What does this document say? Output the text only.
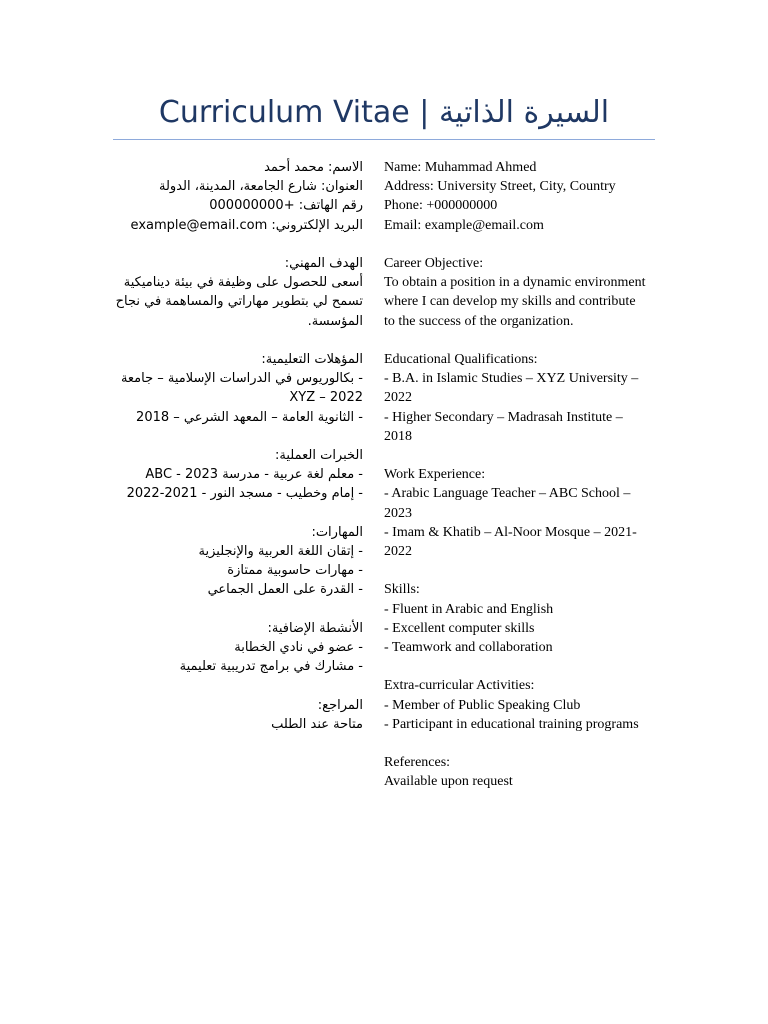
Curriculum Vitae | السيرة الذاتية
الاسم: محمد أحمد
العنوان: شارع الجامعة، المدينة، الدولة
رقم الهاتف: +000000000
البريد الإلكتروني: example@email.com
الهدف المهني:
أسعى للحصول على وظيفة في بيئة ديناميكية تسمح لي بتطوير مهاراتي والمساهمة في نجاح المؤسسة.
المؤهلات التعليمية:
- بكالوريوس في الدراسات الإسلامية – جامعة XYZ – 2022
- الثانوية العامة – المعهد الشرعي – 2018
الخبرات العملية:
- معلم لغة عربية - مدرسة ABC - 2023
- إمام وخطيب - مسجد النور - 2021-2022
المهارات:
- إتقان اللغة العربية والإنجليزية
- مهارات حاسوبية ممتازة
- القدرة على العمل الجماعي
الأنشطة الإضافية:
- عضو في نادي الخطابة
- مشارك في برامج تدريبية تعليمية
المراجع:
متاحة عند الطلب
Name: Muhammad Ahmed
Address: University Street, City, Country
Phone: +000000000
Email: example@email.com
Career Objective:
To obtain a position in a dynamic environment where I can develop my skills and contribute to the success of the organization.
Educational Qualifications:
- B.A. in Islamic Studies – XYZ University – 2022
- Higher Secondary – Madrasah Institute – 2018
Work Experience:
- Arabic Language Teacher – ABC School – 2023
- Imam & Khatib – Al-Noor Mosque – 2021-2022
Skills:
- Fluent in Arabic and English
- Excellent computer skills
- Teamwork and collaboration
Extra-curricular Activities:
- Member of Public Speaking Club
- Participant in educational training programs
References:
Available upon request
